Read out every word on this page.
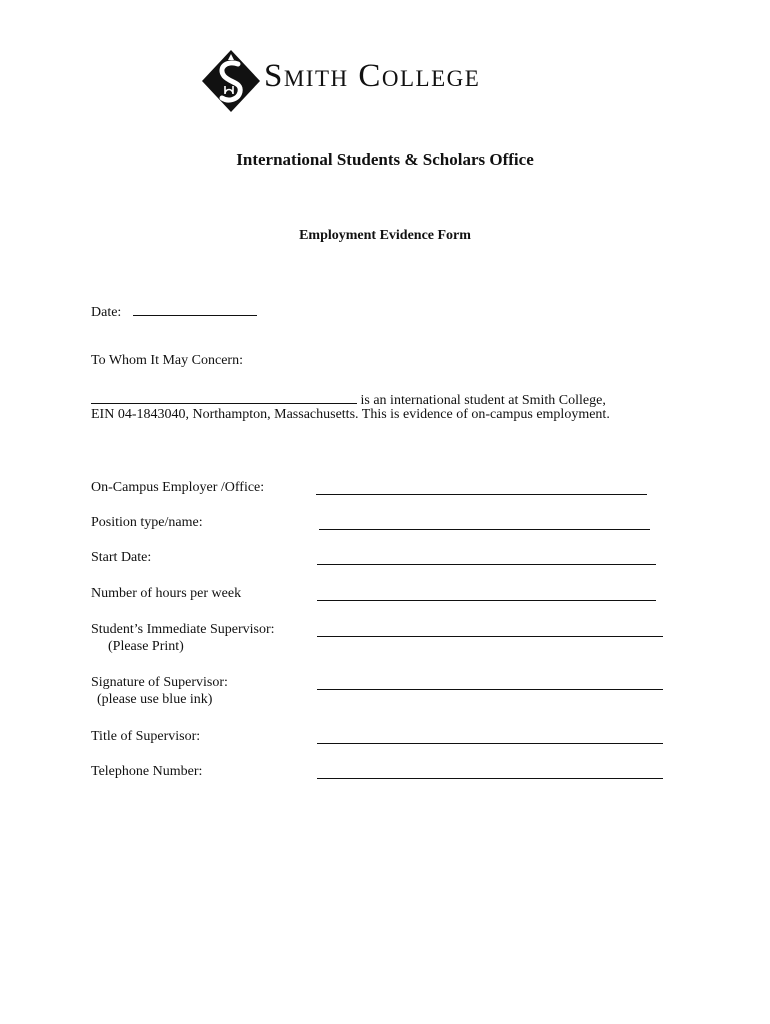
Smith College
International Students & Scholars Office
Employment Evidence Form
Date:
To Whom It May Concern:
is an international student at Smith College,
EIN 04-1843040, Northampton, Massachusetts. This is evidence of on-campus employment.
On-Campus Employer /Office:
Position type/name:
Start Date:
Number of hours per week
Student’s Immediate Supervisor:
(Please Print)
Signature of Supervisor:
(please use blue ink)
Title of Supervisor:
Telephone Number:
